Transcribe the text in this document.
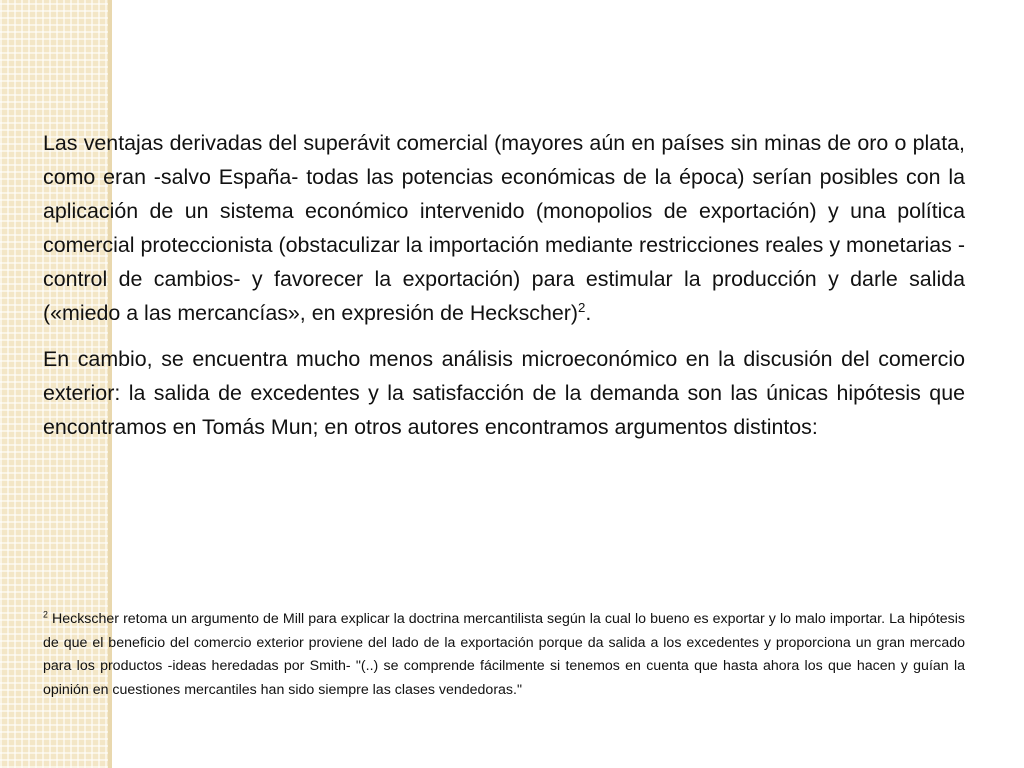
Las ventajas derivadas del superávit comercial (mayores aún en países sin minas de oro o plata, como eran -salvo España- todas las potencias económicas de la época) serían posibles con la aplicación de un sistema económico intervenido (monopolios de exportación) y una política comercial proteccionista (obstaculizar la importación mediante restricciones reales y monetarias -control de cambios- y favorecer la exportación) para estimular la producción y darle salida («miedo a las mercancías», en expresión de Heckscher)$^2$.

En cambio, se encuentra mucho menos análisis microeconómico en la discusión del comercio exterior: la salida de excedentes y la satisfacción de la demanda son las únicas hipótesis que encontramos en Tomás Mun; en otros autores encontramos argumentos distintos:

$^2$ Heckscher retoma un argumento de Mill para explicar la doctrina mercantilista según la cual lo bueno es exportar y lo malo importar. La hipótesis de que el beneficio del comercio exterior proviene del lado de la exportación porque da salida a los excedentes y proporciona un gran mercado para los productos -ideas heredadas por Smith- "(..) se comprende fácilmente si tenemos en cuenta que hasta ahora los que hacen y guían la opinión en cuestiones mercantiles han sido siempre las clases vendedoras."
